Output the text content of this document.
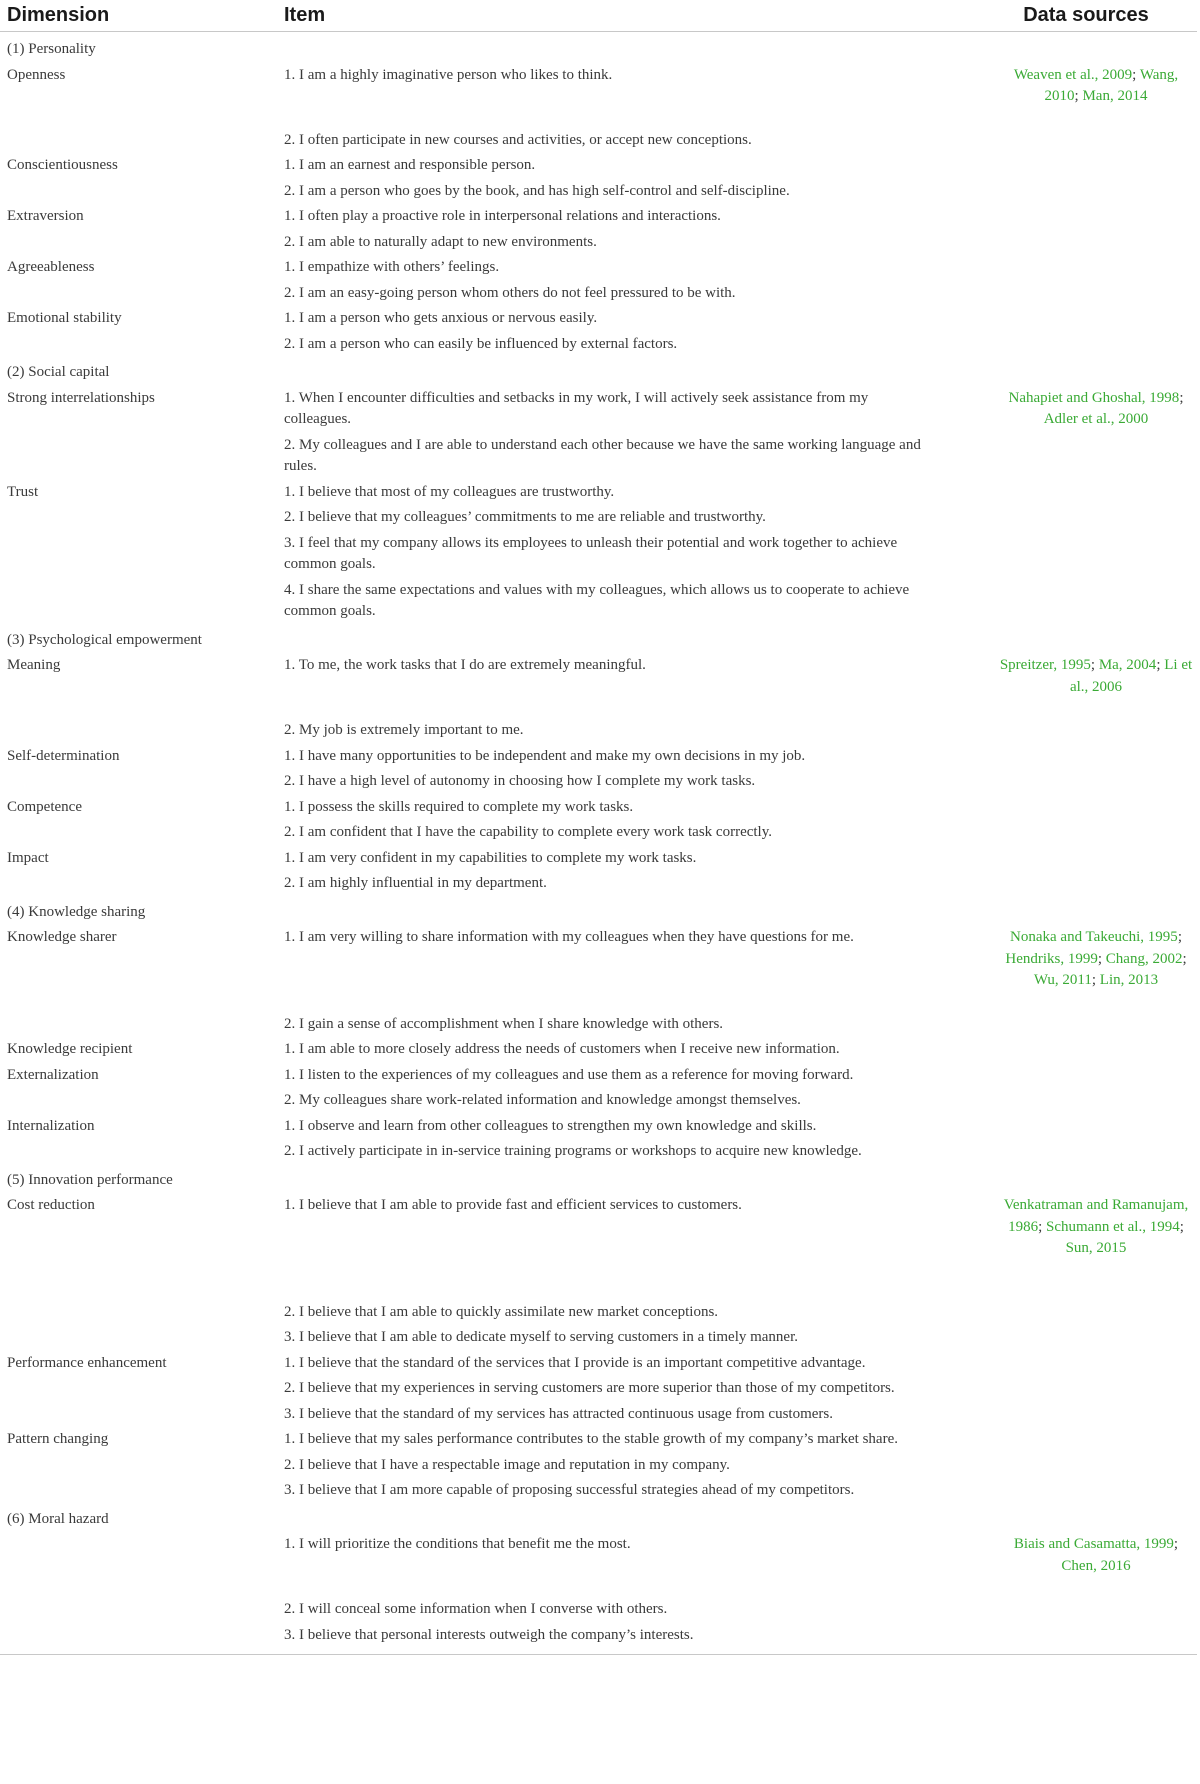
Dimension	Item	Data sources
(1) Personality		
Openness	1. I am a highly imaginative person who likes to think.	Weaven et al., 2009; Wang, 2010; Man, 2014
	2. I often participate in new courses and activities, or accept new conceptions.	
Conscientiousness	1. I am an earnest and responsible person.	
	2. I am a person who goes by the book, and has high self-control and self-discipline.	
Extraversion	1. I often play a proactive role in interpersonal relations and interactions.	
	2. I am able to naturally adapt to new environments.	
Agreeableness	1. I empathize with others’ feelings.	
	2. I am an easy-going person whom others do not feel pressured to be with.	
Emotional stability	1. I am a person who gets anxious or nervous easily.	
	2. I am a person who can easily be influenced by external factors.	
(2) Social capital		
Strong interrelationships	1. When I encounter difficulties and setbacks in my work, I will actively seek assistance from my colleagues.	Nahapiet and Ghoshal, 1998; Adler et al., 2000
	2. My colleagues and I are able to understand each other because we have the same working language and rules.	
Trust	1. I believe that most of my colleagues are trustworthy.	
	2. I believe that my colleagues’ commitments to me are reliable and trustworthy.	
	3. I feel that my company allows its employees to unleash their potential and work together to achieve common goals.	
	4. I share the same expectations and values with my colleagues, which allows us to cooperate to achieve common goals.	
(3) Psychological empowerment		
Meaning	1. To me, the work tasks that I do are extremely meaningful.	Spreitzer, 1995; Ma, 2004; Li et al., 2006
	2. My job is extremely important to me.	
Self-determination	1. I have many opportunities to be independent and make my own decisions in my job.	
	2. I have a high level of autonomy in choosing how I complete my work tasks.	
Competence	1. I possess the skills required to complete my work tasks.	
	2. I am confident that I have the capability to complete every work task correctly.	
Impact	1. I am very confident in my capabilities to complete my work tasks.	
	2. I am highly influential in my department.	
(4) Knowledge sharing		
Knowledge sharer	1. I am very willing to share information with my colleagues when they have questions for me.	Nonaka and Takeuchi, 1995; Hendriks, 1999; Chang, 2002; Wu, 2011; Lin, 2013
	2. I gain a sense of accomplishment when I share knowledge with others.	
Knowledge recipient	1. I am able to more closely address the needs of customers when I receive new information.	
Externalization	1. I listen to the experiences of my colleagues and use them as a reference for moving forward.	
	2. My colleagues share work-related information and knowledge amongst themselves.	
Internalization	1. I observe and learn from other colleagues to strengthen my own knowledge and skills.	
	2. I actively participate in in-service training programs or workshops to acquire new knowledge.	
(5) Innovation performance		
Cost reduction	1. I believe that I am able to provide fast and efficient services to customers.	Venkatraman and Ramanujam, 1986; Schumann et al., 1994; Sun, 2015
	2. I believe that I am able to quickly assimilate new market conceptions.	
	3. I believe that I am able to dedicate myself to serving customers in a timely manner.	
Performance enhancement	1. I believe that the standard of the services that I provide is an important competitive advantage.	
	2. I believe that my experiences in serving customers are more superior than those of my competitors.	
	3. I believe that the standard of my services has attracted continuous usage from customers.	
Pattern changing	1. I believe that my sales performance contributes to the stable growth of my company’s market share.	
	2. I believe that I have a respectable image and reputation in my company.	
	3. I believe that I am more capable of proposing successful strategies ahead of my competitors.	
(6) Moral hazard		
	1. I will prioritize the conditions that benefit me the most.	Biais and Casamatta, 1999; Chen, 2016
	2. I will conceal some information when I converse with others.	
	3. I believe that personal interests outweigh the company’s interests.	
